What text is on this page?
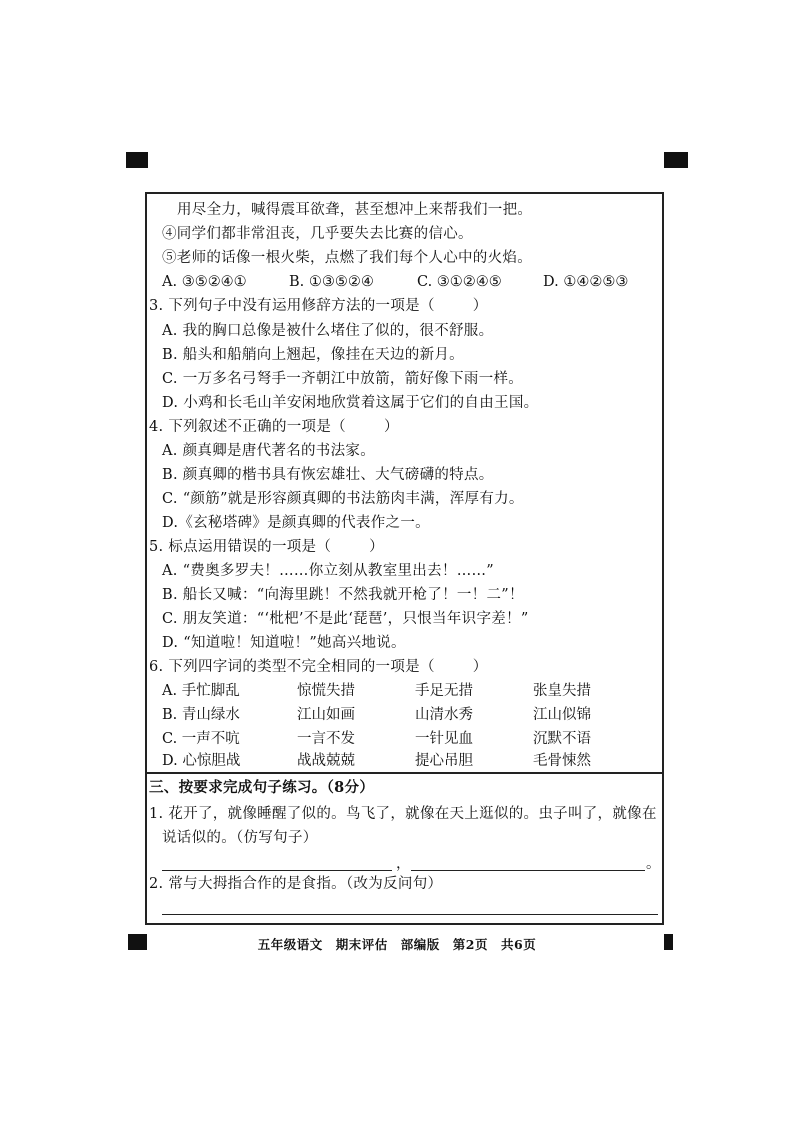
用尽全力，喊得震耳欲聋，甚至想冲上来帮我们一把。
④同学们都非常沮丧，几乎要失去比赛的信心。
⑤老师的话像一根火柴，点燃了我们每个人心中的火焰。
A. ③⑤②④①	B. ①③⑤②④	C. ③①②④⑤	D. ①④②⑤③
3. 下列句子中没有运用修辞方法的一项是（	）
A. 我的胸口总像是被什么堵住了似的，很不舒服。
B. 船头和船艄向上翘起，像挂在天边的新月。
C. 一万多名弓弩手一齐朝江中放箭，箭好像下雨一样。
D. 小鸡和长毛山羊安闲地欣赏着这属于它们的自由王国。
4. 下列叙述不正确的一项是（	）
A. 颜真卿是唐代著名的书法家。
B. 颜真卿的楷书具有恢宏雄壮、大气磅礴的特点。
C. “颜筋”就是形容颜真卿的书法筋肉丰满，浑厚有力。
D.《玄秘塔碑》是颜真卿的代表作之一。
5. 标点运用错误的一项是（	）
A. “费奥多罗夫！……你立刻从教室里出去！……”
B. 船长又喊：“向海里跳！不然我就开枪了！一！二”！
C. 朋友笑道：“‘枇杷’不是此‘琵琶’，只恨当年识字差！”
D. “知道啦！知道啦！”她高兴地说。
6. 下列四字词的类型不完全相同的一项是（	）
A. 手忙脚乱	惊慌失措	手足无措	张皇失措
B. 青山绿水	江山如画	山清水秀	江山似锦
C. 一声不吭	一言不发	一针见血	沉默不语
D. 心惊胆战	战战兢兢	提心吊胆	毛骨悚然
三、按要求完成句子练习。（8分）
1. 花开了，就像睡醒了似的。鸟飞了，就像在天上逛似的。虫子叫了，就像在
说话似的。（仿写句子）
，	。
2. 常与大拇指合作的是食指。（改为反问句）
五年级语文　期末评估　部编版　第2页　共6页
